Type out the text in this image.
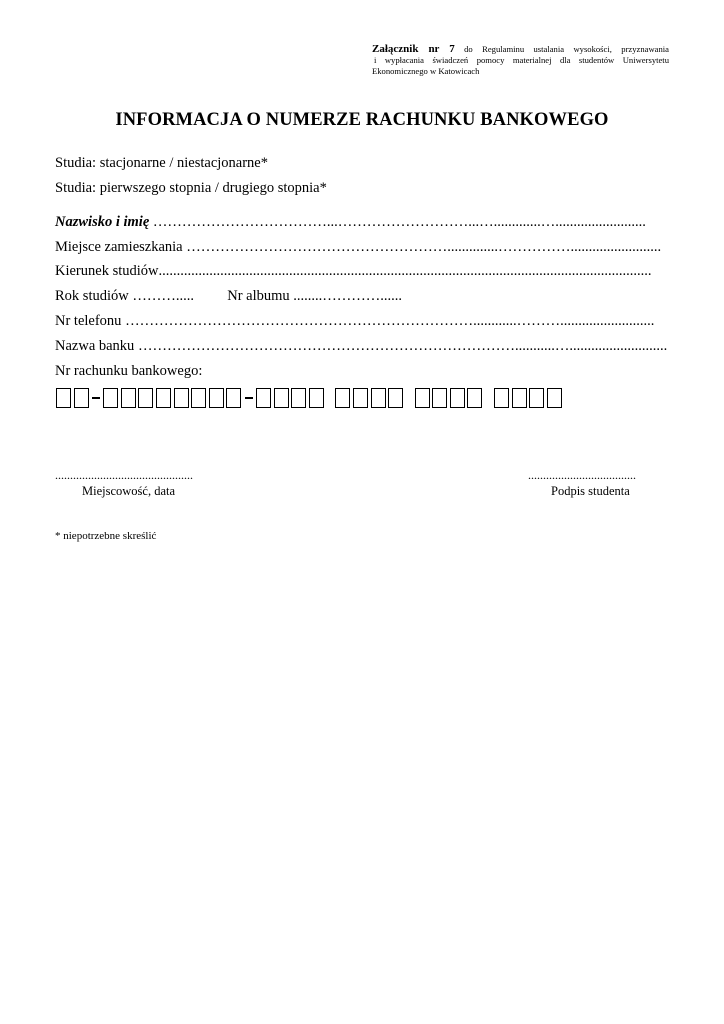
Załącznik nr 7 do Regulaminu ustalania wysokości, przyznawania
i wypłacania świadczeń pomocy materialnej dla studentów Uniwersytetu
Ekonomicznego w Katowicach
INFORMACJA O NUMERZE RACHUNKU BANKOWEGO
Studia: stacjonarne / niestacjonarne*
Studia: pierwszego stopnia / drugiego stopnia*
Nazwisko i imię ………………………………...………………………...….............….........................
Miejsce zamieszkania ………………………………………………..............…………….........................
Kierunek studiów........................................................................................................................................
Rok studiów ………..... Nr albumu ........…………......
Nr telefonu ………………………………………………………………............………..........................
Nazwa banku ……………………………………………………………………...........…...........................
Nr rachunku bankowego:
..............................................
Miejscowość, data
....................................
Podpis studenta
* niepotrzebne skreślić
